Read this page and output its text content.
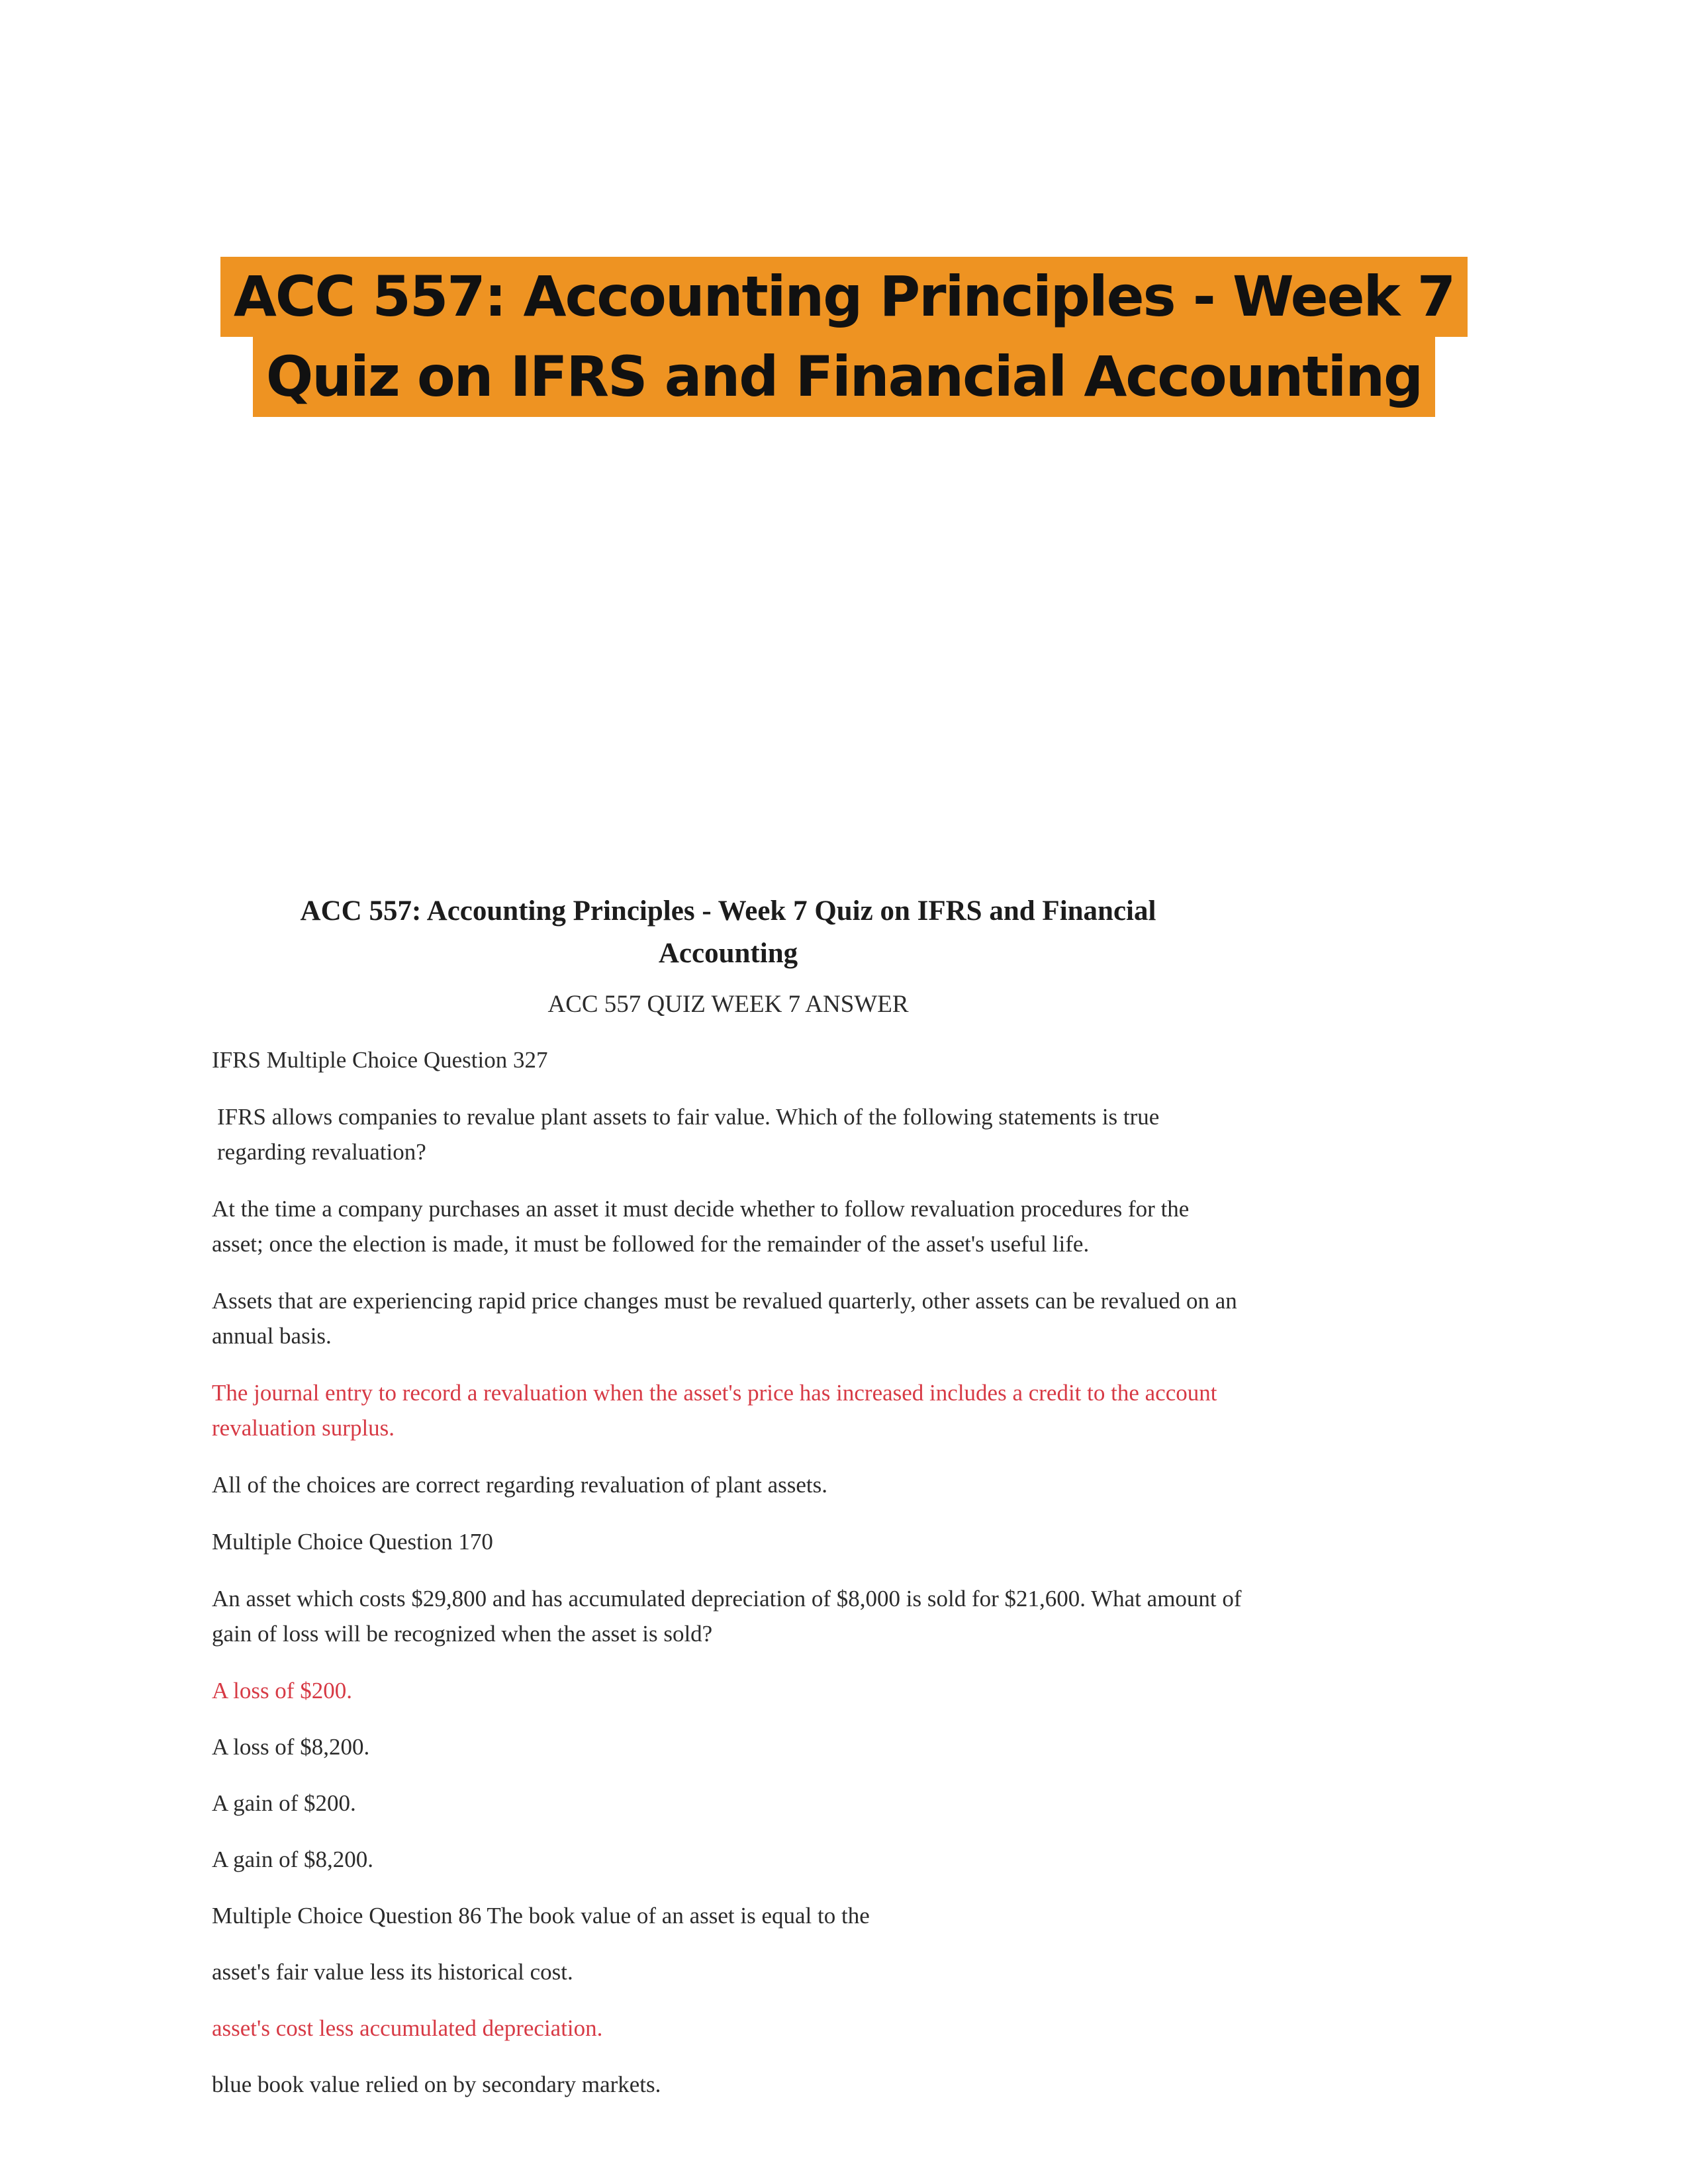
ACC 557: Accounting Principles - Week 7
Quiz on IFRS and Financial Accounting
ACC 557: Accounting Principles - Week 7 Quiz on IFRS and Financial
Accounting
ACC 557 QUIZ WEEK 7 ANSWER
IFRS Multiple Choice Question 327
IFRS allows companies to revalue plant assets to fair value. Which of the following statements is true regarding revaluation?
At the time a company purchases an asset it must decide whether to follow revaluation procedures for the asset; once the election is made, it must be followed for the remainder of the asset's useful life.
Assets that are experiencing rapid price changes must be revalued quarterly, other assets can be revalued on an annual basis.
The journal entry to record a revaluation when the asset's price has increased includes a credit to the account revaluation surplus.
All of the choices are correct regarding revaluation of plant assets.
Multiple Choice Question 170
An asset which costs $29,800 and has accumulated depreciation of $8,000 is sold for $21,600. What amount of gain of loss will be recognized when the asset is sold?
A loss of $200.
A loss of $8,200.
A gain of $200.
A gain of $8,200.
Multiple Choice Question 86 The book value of an asset is equal to the
asset's fair value less its historical cost.
asset's cost less accumulated depreciation.
blue book value relied on by secondary markets.
